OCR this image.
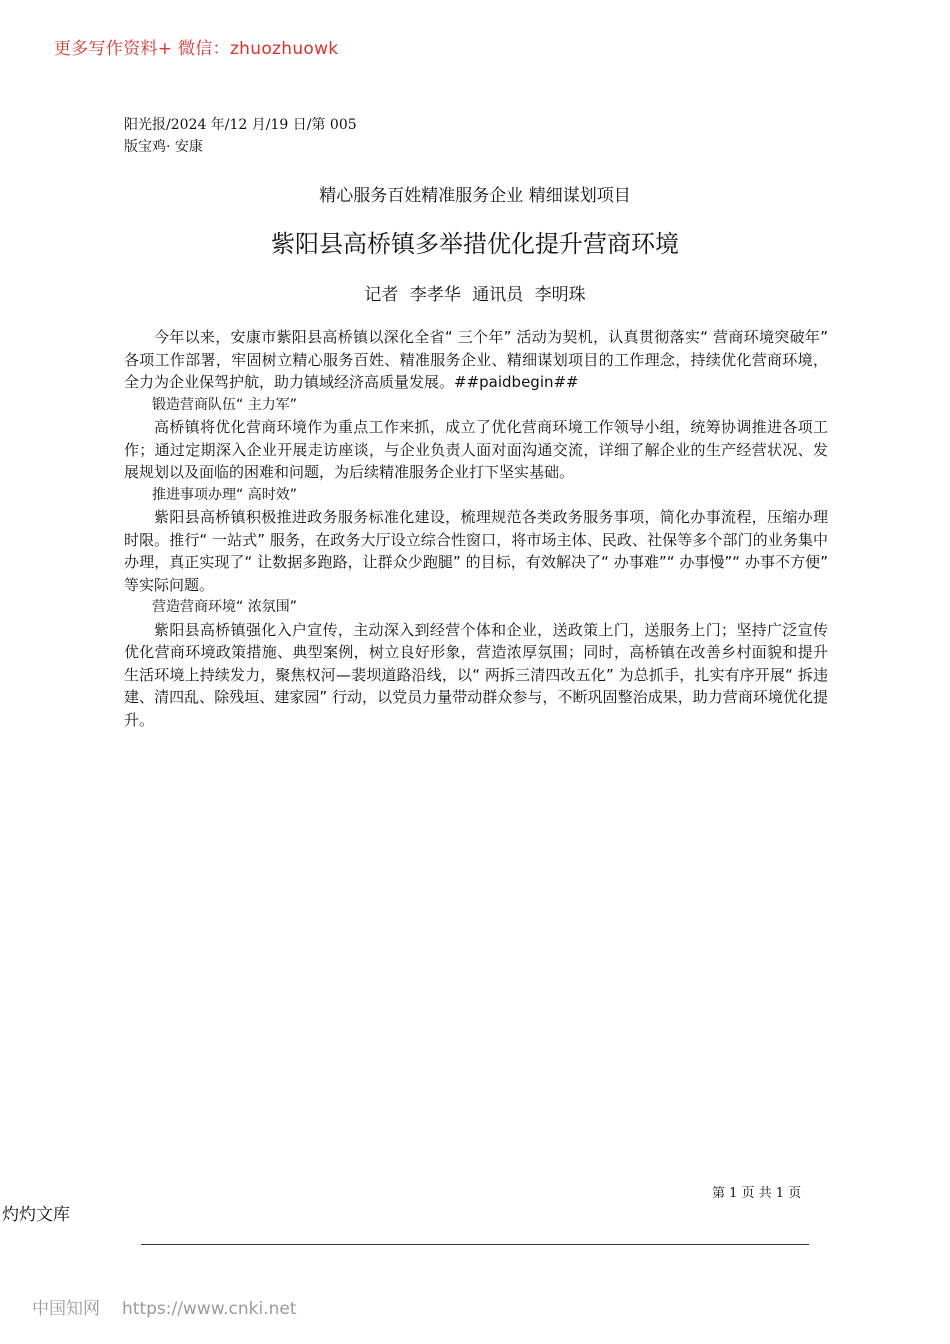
更多写作资料+ 微信：zhuozhuowk
阳光报/2024 年/12 月/19 日/第 005
版宝鸡· 安康
精心服务百姓精准服务企业 精细谋划项目
紫阳县高桥镇多举措优化提升营商环境
记者 李孝华 通讯员 李明珠

今年以来，安康市紫阳县高桥镇以深化全省“ 三个年” 活动为契机，认真贯彻落实“ 营商环境突破年” 各项工作部署，牢固树立精心服务百姓、精准服务企业、精细谋划项目的工作理念，持续优化营商环境，全力为企业保驾护航，助力镇域经济高质量发展。##paidbegin##

锻造营商队伍“ 主力军”

高桥镇将优化营商环境作为重点工作来抓，成立了优化营商环境工作领导小组，统筹协调推进各项工作；通过定期深入企业开展走访座谈，与企业负责人面对面沟通交流，详细了解企业的生产经营状况、发展规划以及面临的困难和问题，为后续精准服务企业打下坚实基础。

推进事项办理“ 高时效”

紫阳县高桥镇积极推进政务服务标准化建设，梳理规范各类政务服务事项，简化办事流程，压缩办理时限。推行“ 一站式” 服务，在政务大厅设立综合性窗口，将市场主体、民政、社保等多个部门的业务集中办理，真正实现了“ 让数据多跑路，让群众少跑腿” 的目标，有效解决了“ 办事难”“ 办事慢”“ 办事不方便” 等实际问题。

营造营商环境“ 浓氛围”

紫阳县高桥镇强化入户宣传，主动深入到经营个体和企业，送政策上门，送服务上门；坚持广泛宣传优化营商环境政策措施、典型案例，树立良好形象，营造浓厚氛围；同时，高桥镇在改善乡村面貌和提升生活环境上持续发力，聚焦权河—裴坝道路沿线，以“ 两拆三清四改五化” 为总抓手，扎实有序开展“ 拆违建、清四乱、除残垣、建家园” 行动，以党员力量带动群众参与，不断巩固整治成果，助力营商环境优化提升。

第 1 页 共 1 页
灼灼文库
中国知网 https://www.cnki.net
